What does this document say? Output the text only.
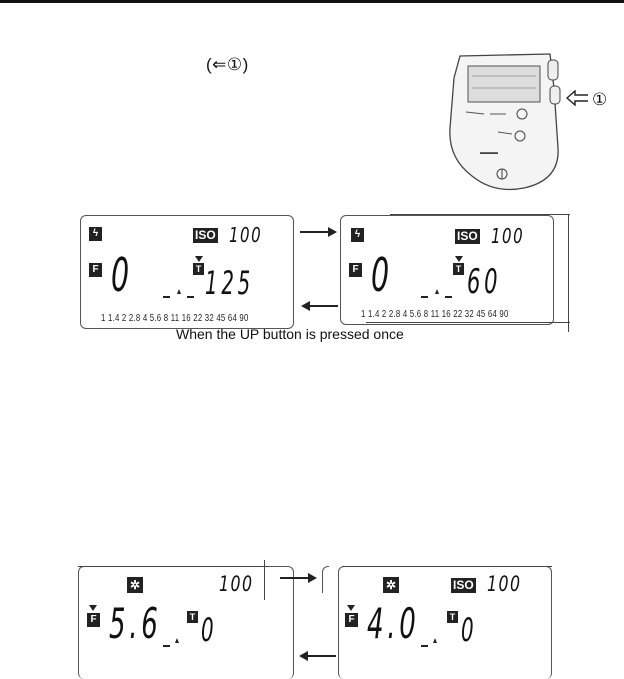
(⇐①)
▬▬▬
①
ϟ	ISO 100
F 0	T 125
1 1.4 2 2.8 4 5.6 8 11 16 22 32 45 64 90
ϟ	ISO 100
F 0	T 60
1 1.4 2 2.8 4 5.6 8 11 16 22 32 45 64 90
When the UP button is pressed once
✲	100
F 5.6	T 0
✲	ISO 100
F 4.0	T 0
